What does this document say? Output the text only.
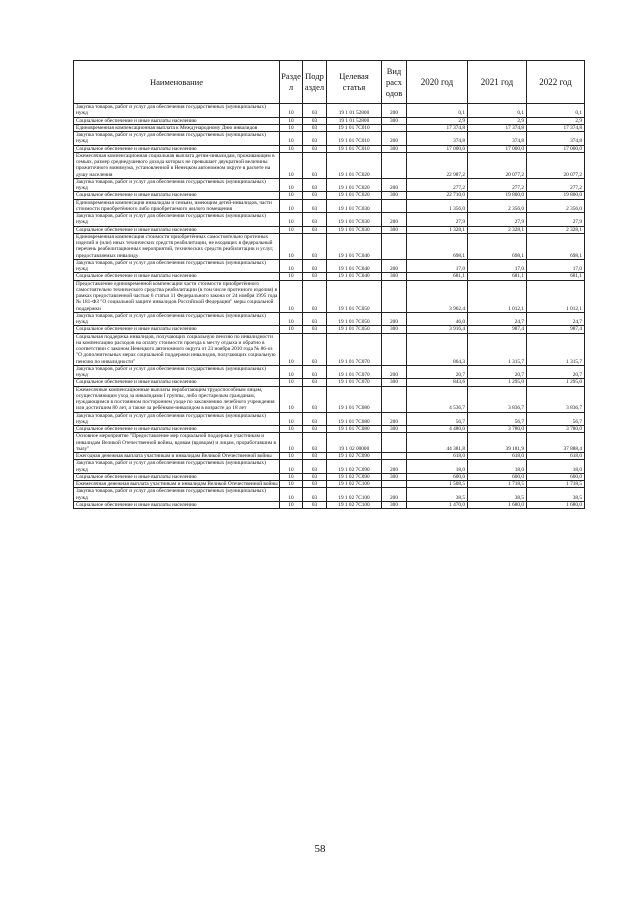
Наименование	Разде л	Подр аздел	Целевая статья	Вид расх одов	2020 год	2021 год	2022 год
Закупка товаров, работ и услуг для обеспечения государственных (муниципальных) нужд	10	03	19 1 01 52800	200	0,1	0,1	0,1
Социальное обеспечение и иные выплаты населению	10	03	19 1 01 52800	300	2,9	2,9	2,9
Единовременная компенсационная выплата к Международному Дню инвалидов	10	03	19 1 01 7C010		17 374,8	17 374,8	17 374,8
Закупка товаров, работ и услуг для обеспечения государственных (муниципальных) нужд	10	03	19 1 01 7C010	200	374,8	374,8	374,8
Социальное обеспечение и иные выплаты населению	10	03	19 1 01 7C010	300	17 000,0	17 000,0	17 000,0
Ежемесячная компенсационная социальная выплата детям-инвалидам, проживающим в семьях, размер среднедушевого дохода которых не превышает двукратной величины прожиточного минимума, установленной в Ненецком автономном округе в расчете на душу населения	10	03	19 1 01 7C020		22 987,2	20 077,2	20 077,2
Закупка товаров, работ и услуг для обеспечения государственных (муниципальных) нужд	10	03	19 1 01 7C020	200	277,2	277,2	277,2
Социальное обеспечение и иные выплаты населению	10	03	19 1 01 7C020	300	22 710,0	19 800,0	19 800,0
Единовременная компенсация инвалидам и семьям, имеющим детей-инвалидов, части стоимости приобретённого либо приобретаемого жилого помещения	10	03	19 1 01 7C030		1 356,0	2 356,0	2 356,0
Закупка товаров, работ и услуг для обеспечения государственных (муниципальных) нужд	10	03	19 1 01 7C030	200	27,9	27,9	27,9
Социальное обеспечение и иные выплаты населению	10	03	19 1 01 7C030	300	1 328,1	2 328,1	2 328,1
Единовременная компенсация стоимости приобретённых самостоятельно протезных изделий и (или) иных технических средств реабилитации, не входящих в федеральный перечень реабилитационных мероприятий, технических средств реабилитации и услуг, предоставляемых инвалиду	10	03	19 1 01 7C040		698,1	698,1	698,1
Закупка товаров, работ и услуг для обеспечения государственных (муниципальных) нужд	10	03	19 1 01 7C040	200	17,0	17,0	17,0
Социальное обеспечение и иные выплаты населению	10	03	19 1 01 7C040	300	681,1	681,1	681,1
Предоставление единовременной компенсации части стоимости приобретённого самостоятельно технического средства реабилитации (в том числе протезного изделия) в рамках предоставленной частью 6 статьи 11 Федерального закона от 24 ноября 1995 года № 181-ФЗ "О социальной защите инвалидов Российской Федерации" меры социальной поддержки	10	03	19 1 01 7C050		3 962,4	1 012,1	1 012,1
Закупка товаров, работ и услуг для обеспечения государственных (муниципальных) нужд	10	03	19 1 01 7C050	200	46,0	24,7	24,7
Социальное обеспечение и иные выплаты населению	10	03	19 1 01 7C050	300	3 916,4	987,4	987,4
Социальная поддержка инвалидов, получающих социальную пенсию по инвалидности на компенсацию расходов на оплату стоимости проезда к месту отдыха и обратно в соответствии с законом Ненецкого автономного округа от 23 ноября 2010 года № 86-оз "О дополнительных мерах социальной поддержки инвалидов, получающих социальную пенсию по инвалидности"	10	03	19 1 01 7C070		864,3	1 315,7	1 315,7
Закупка товаров, работ и услуг для обеспечения государственных (муниципальных) нужд	10	03	19 1 01 7C070	200	20,7	20,7	20,7
Социальное обеспечение и иные выплаты населению	10	03	19 1 01 7C070	300	843,6	1 295,0	1 295,0
Ежемесячные компенсационные выплаты неработающим трудоспособным лицам, осуществляющим уход за инвалидами I группы, либо престарелым гражданам, нуждающимся в постоянном постороннем уходе по заключению лечебного учреждения или достигшим 80 лет, а также за ребёнком-инвалидом в возрасте до 18 лет	10	03	19 1 01 7C080		4 536,7	3 836,7	3 836,7
Закупка товаров, работ и услуг для обеспечения государственных (муниципальных) нужд	10	03	19 1 01 7C080	200	56,7	56,7	56,7
Социальное обеспечение и иные выплаты населению	10	03	19 1 01 7C080	300	4 480,0	3 780,0	3 780,0
Основное мероприятие "Предоставление мер социальной поддержки участникам и инвалидам Великой Отечественной войны, вдовам (вдовцам) и лицам, проработавшим в тылу"	10	03	19 1 02 00000		44 381,8	39 181,9	37 888,4
Ежегодная денежная выплата участникам и инвалидам Великой Отечественной войны	10	03	19 1 02 7C090		618,0	618,0	618,0
Закупка товаров, работ и услуг для обеспечения государственных (муниципальных) нужд	10	03	19 1 02 7C090	200	18,0	18,0	18,0
Социальное обеспечение и иные выплаты населению	10	03	19 1 02 7C090	300	600,0	600,0	600,0
Ежемесячная денежная выплата участникам и инвалидам Великой Отечественной войны	10	03	19 1 02 7C100		1 508,5	1 718,5	1 718,5
Закупка товаров, работ и услуг для обеспечения государственных (муниципальных) нужд	10	03	19 1 02 7C100	200	38,5	38,5	38,5
Социальное обеспечение и иные выплаты населению	10	03	19 1 02 7C100	300	1 470,0	1 680,0	1 680,0
58
